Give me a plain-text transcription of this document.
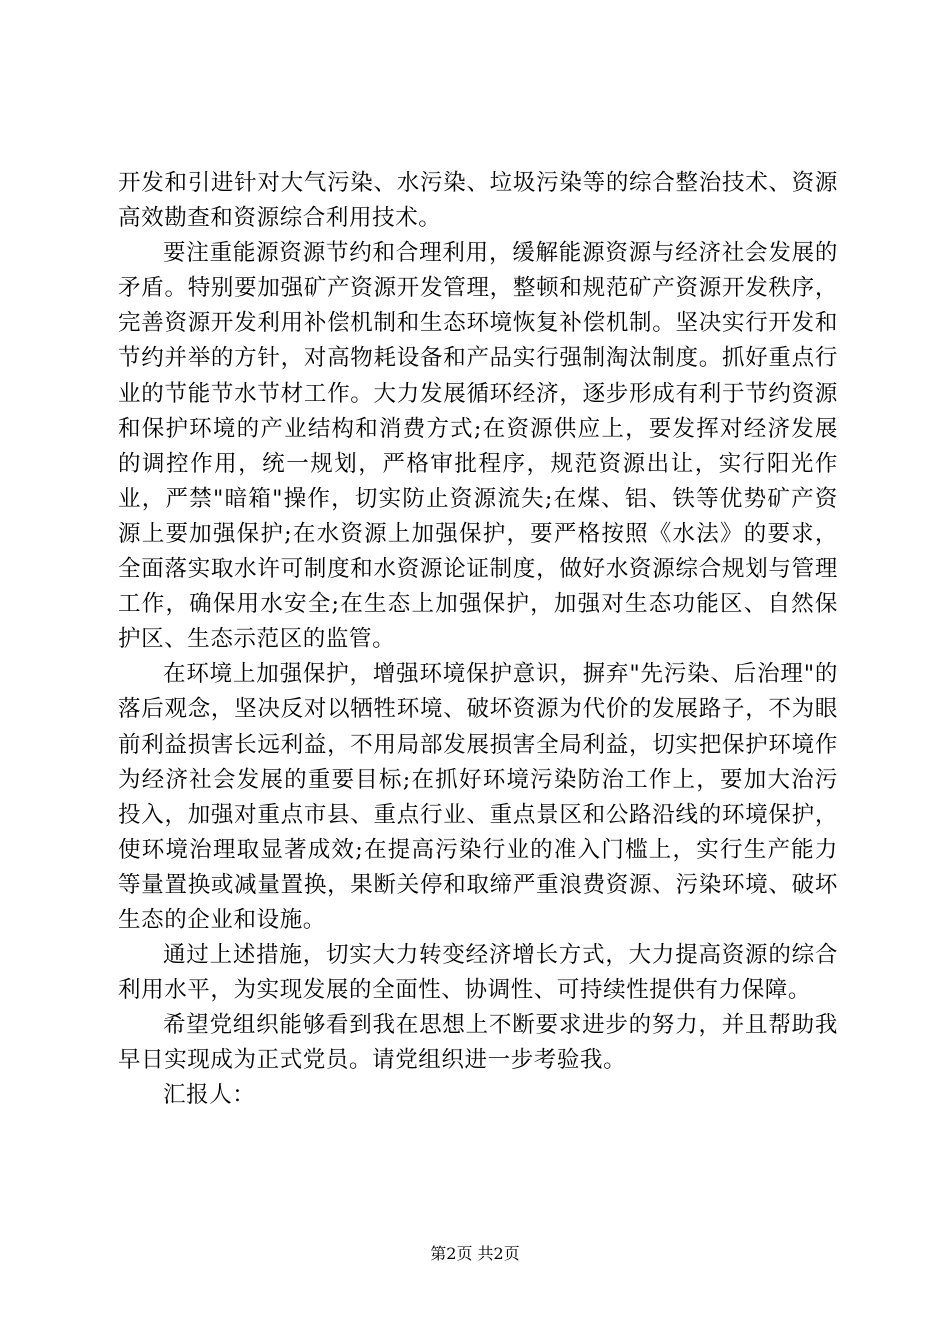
开发和引进针对大气污染、水污染、垃圾污染等的综合整治技术、资源高效勘查和资源综合利用技术。

要注重能源资源节约和合理利用，缓解能源资源与经济社会发展的矛盾。特别要加强矿产资源开发管理，整顿和规范矿产资源开发秩序，完善资源开发利用补偿机制和生态环境恢复补偿机制。坚决实行开发和节约并举的方针，对高物耗设备和产品实行强制淘汰制度。抓好重点行业的节能节水节材工作。大力发展循环经济，逐步形成有利于节约资源和保护环境的产业结构和消费方式;在资源供应上，要发挥对经济发展的调控作用，统一规划，严格审批程序，规范资源出让，实行阳光作业，严禁"暗箱"操作，切实防止资源流失;在煤、铝、铁等优势矿产资源上要加强保护;在水资源上加强保护，要严格按照《水法》的要求，全面落实取水许可制度和水资源论证制度，做好水资源综合规划与管理工作，确保用水安全;在生态上加强保护，加强对生态功能区、自然保护区、生态示范区的监管。

在环境上加强保护，增强环境保护意识，摒弃"先污染、后治理"的落后观念，坚决反对以牺牲环境、破坏资源为代价的发展路子，不为眼前利益损害长远利益，不用局部发展损害全局利益，切实把保护环境作为经济社会发展的重要目标;在抓好环境污染防治工作上，要加大治污投入，加强对重点市县、重点行业、重点景区和公路沿线的环境保护，使环境治理取显著成效;在提高污染行业的准入门槛上，实行生产能力等量置换或减量置换，果断关停和取缔严重浪费资源、污染环境、破坏生态的企业和设施。

通过上述措施，切实大力转变经济增长方式，大力提高资源的综合利用水平，为实现发展的全面性、协调性、可持续性提供有力保障。

希望党组织能够看到我在思想上不断要求进步的努力，并且帮助我早日实现成为正式党员。请党组织进一步考验我。

汇报人：

第2页 共2页
